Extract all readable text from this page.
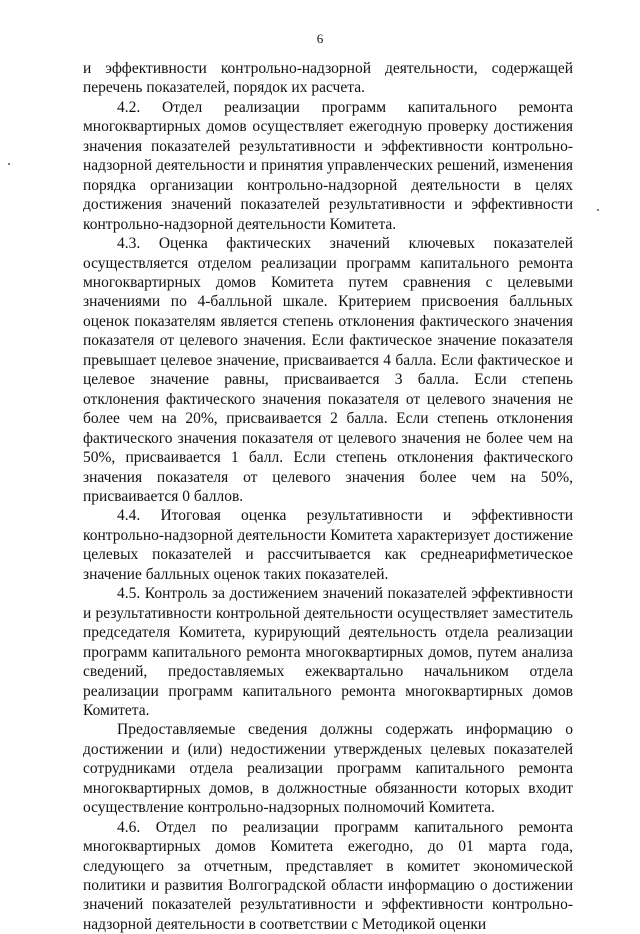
6

и эффективности контрольно-надзорной деятельности, содержащей перечень показателей, порядок их расчета.

4.2. Отдел реализации программ капитального ремонта многоквартирных домов осуществляет ежегодную проверку достижения значения показателей результативности и эффективности контрольно-надзорной деятельности и принятия управленческих решений, изменения порядка организации контрольно-надзорной деятельности в целях достижения значений показателей результативности и эффективности контрольно-надзорной деятельности Комитета.

4.3. Оценка фактических значений ключевых показателей осуществляется отделом реализации программ капитального ремонта многоквартирных домов Комитета путем сравнения с целевыми значениями по 4-балльной шкале. Критерием присвоения балльных оценок показателям является степень отклонения фактического значения показателя от целевого значения. Если фактическое значение показателя превышает целевое значение, присваивается 4 балла. Если фактическое и целевое значение равны, присваивается 3 балла. Если степень отклонения фактического значения показателя от целевого значения не более чем на 20%, присваивается 2 балла. Если степень отклонения фактического значения показателя от целевого значения не более чем на 50%, присваивается 1 балл. Если степень отклонения фактического значения показателя от целевого значения более чем на 50%, присваивается 0 баллов.

4.4. Итоговая оценка результативности и эффективности контрольно-надзорной деятельности Комитета характеризует достижение целевых показателей и рассчитывается как среднеарифметическое значение балльных оценок таких показателей.

4.5. Контроль за достижением значений показателей эффективности и результативности контрольной деятельности осуществляет заместитель председателя Комитета, курирующий деятельность отдела реализации программ капитального ремонта многоквартирных домов, путем анализа сведений, предоставляемых ежеквартально начальником отдела реализации программ капитального ремонта многоквартирных домов Комитета.

Предоставляемые сведения должны содержать информацию о достижении и (или) недостижении утвержденых целевых показателей сотрудниками отдела реализации программ капитального ремонта многоквартирных домов, в должностные обязанности которых входит осуществление контрольно-надзорных полномочий Комитета.

4.6. Отдел по реализации программ капитального ремонта многоквартирных домов Комитета ежегодно, до 01 марта года, следующего за отчетным, представляет в комитет экономической политики и развития Волгоградской области информацию о достижении значений показателей результативности и эффективности контрольно-надзорной деятельности в соответствии с Методикой оценки
